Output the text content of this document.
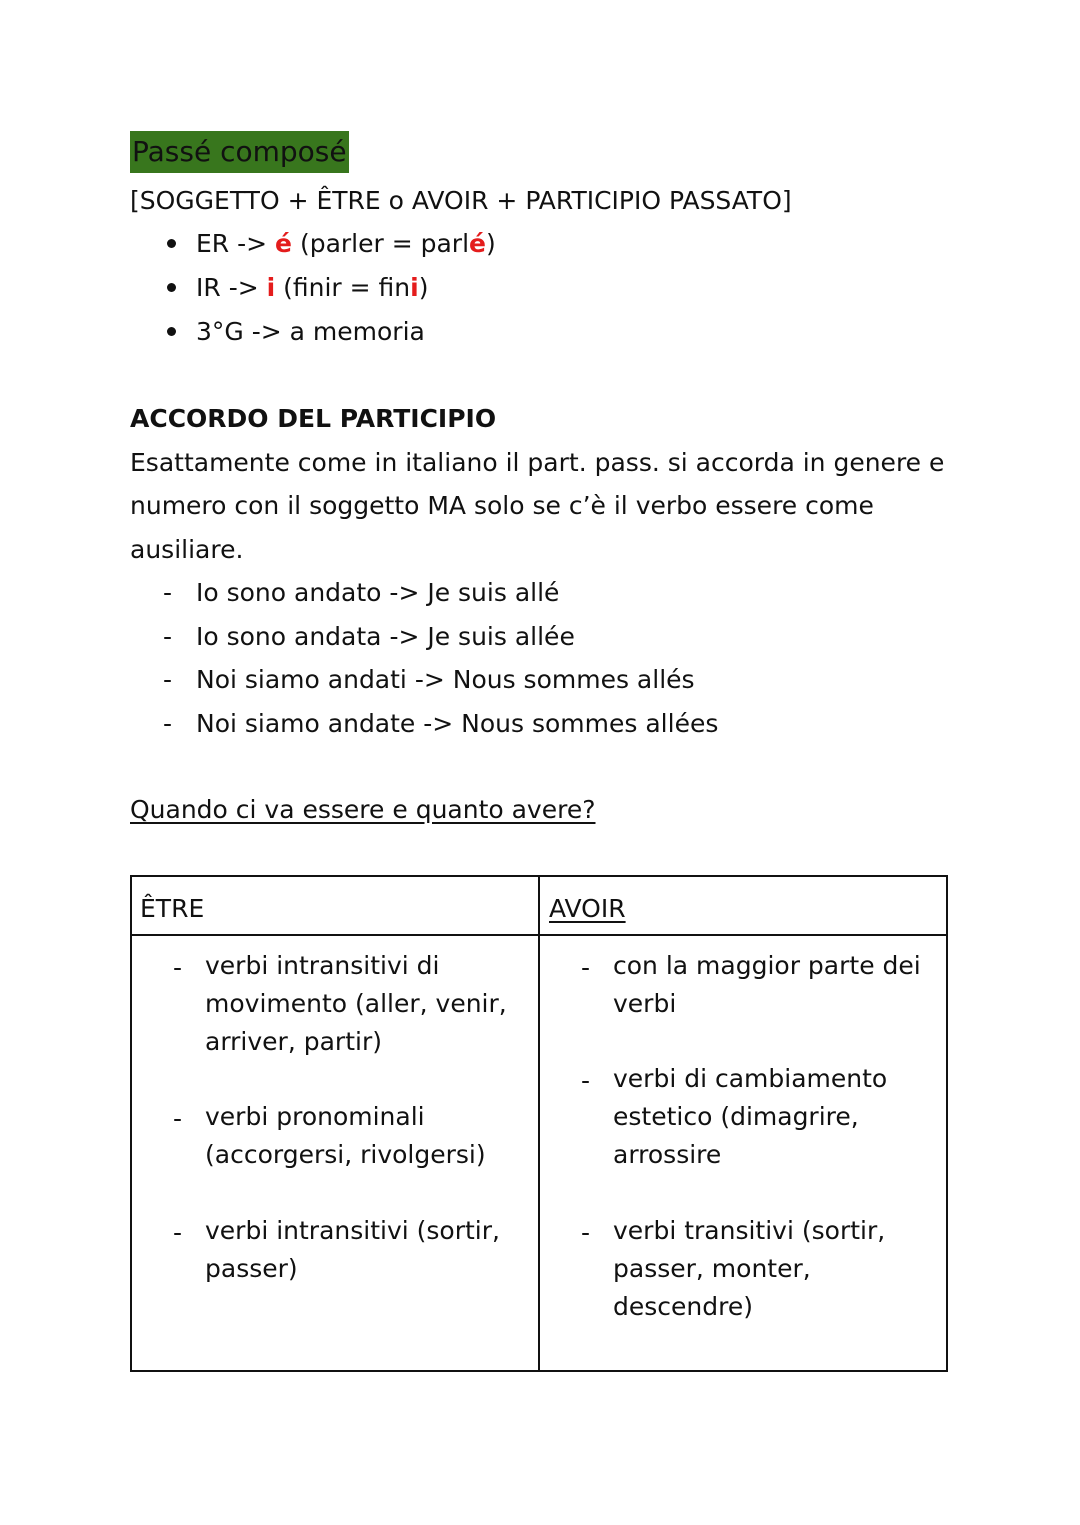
Passé composé
[SOGGETTO + ÊTRE o AVOIR + PARTICIPIO PASSATO]
ER -> é (parler = parlé)
IR -> i (finir = fini)
3°G -> a memoria
ACCORDO DEL PARTICIPIO
Esattamente come in italiano il part. pass. si accorda in genere e
numero con il soggetto MA solo se c’è il verbo essere come
ausiliare.
- Io sono andato -> Je suis allé
- Io sono andata -> Je suis allée
- Noi siamo andati -> Nous sommes allés
- Noi siamo andate -> Nous sommes allées
Quando ci va essere e quanto avere?
ÊTRE	AVOIR
- verbi intransitivi di
movimento (aller, venir,
arriver, partir)
- verbi pronominali
(accorgersi, rivolgersi)
- verbi intransitivi (sortir,
passer)
- con la maggior parte dei
verbi
- verbi di cambiamento
estetico (dimagrire,
arrossire
- verbi transitivi (sortir,
passer, monter,
descendre)
